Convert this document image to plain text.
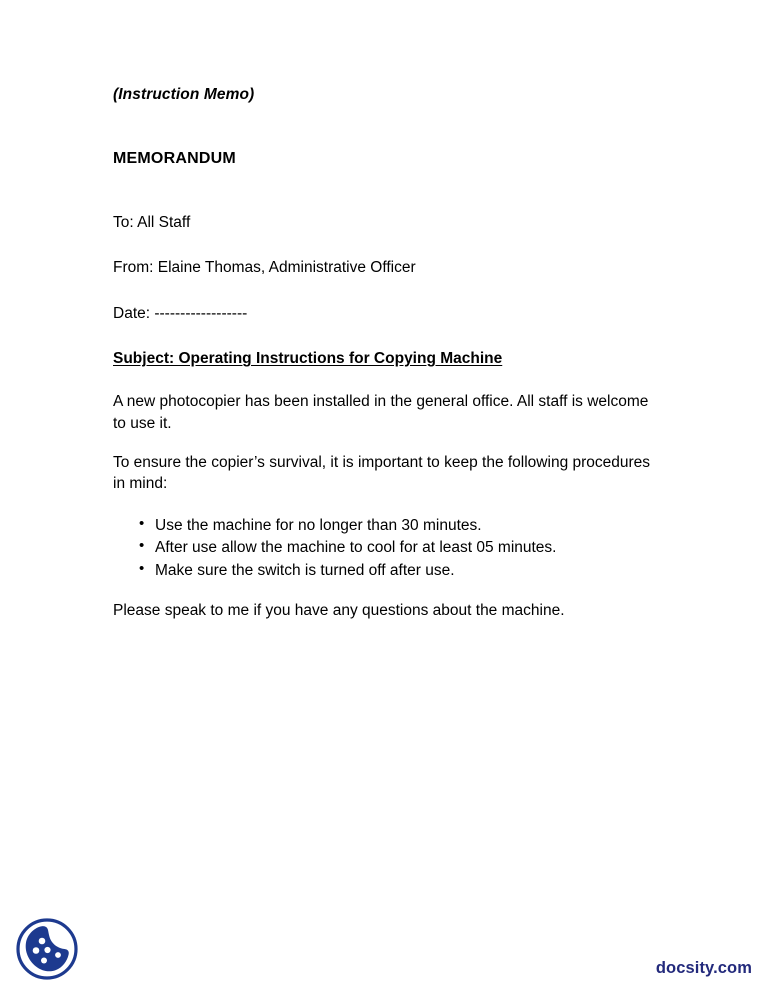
(Instruction Memo)

MEMORANDUM

To: All Staff

From: Elaine Thomas, Administrative Officer

Date: ------------------

Subject: Operating Instructions for Copying Machine

A new photocopier has been installed in the general office. All staff is welcome to use it.

To ensure the copier’s survival, it is important to keep the following procedures in mind:

• Use the machine for no longer than 30 minutes.
• After use allow the machine to cool for at least 05 minutes.
• Make sure the switch is turned off after use.

Please speak to me if you have any questions about the machine.

docsity.com
